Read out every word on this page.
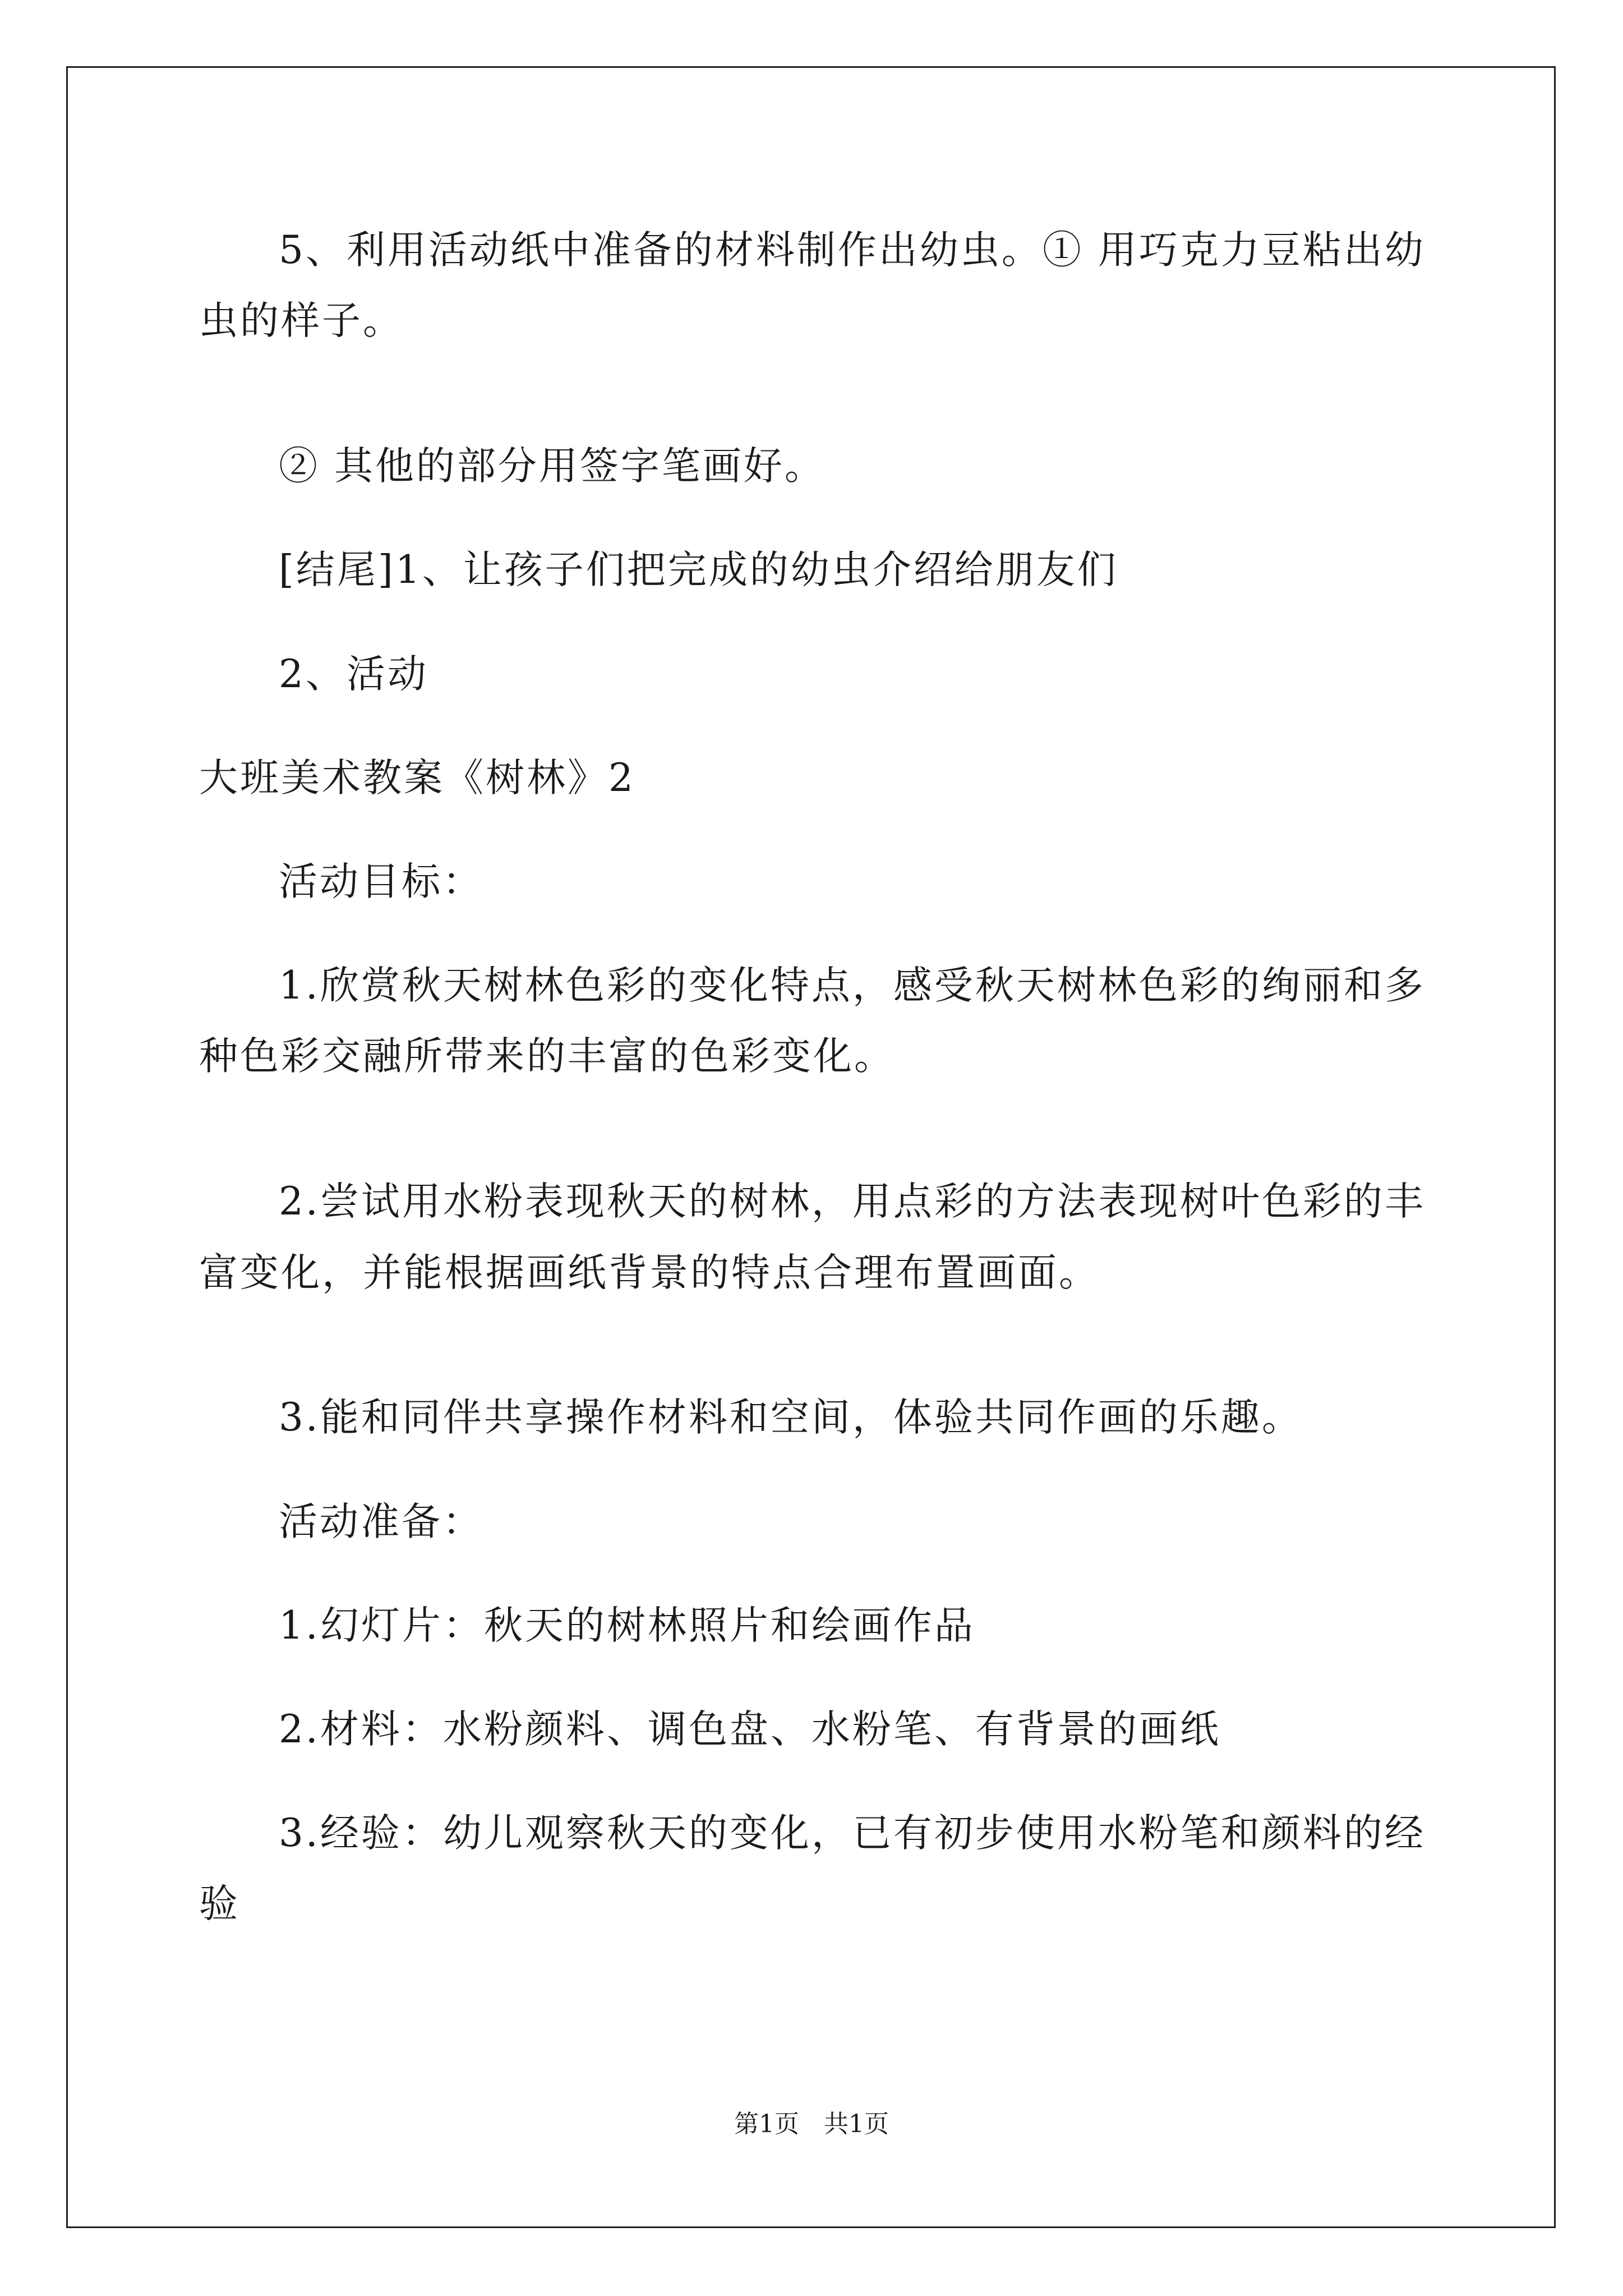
5、利用活动纸中准备的材料制作出幼虫。① 用巧克力豆粘出幼

虫的样子。

② 其他的部分用签字笔画好。

[结尾]1、让孩子们把完成的幼虫介绍给朋友们

2、活动

大班美术教案《树林》2

活动目标：

1.欣赏秋天树林色彩的变化特点，感受秋天树林色彩的绚丽和多

种色彩交融所带来的丰富的色彩变化。

2.尝试用水粉表现秋天的树林，用点彩的方法表现树叶色彩的丰

富变化，并能根据画纸背景的特点合理布置画面。

3.能和同伴共享操作材料和空间，体验共同作画的乐趣。

活动准备：

1.幻灯片：秋天的树林照片和绘画作品

2.材料：水粉颜料、调色盘、水粉笔、有背景的画纸

3.经验：幼儿观察秋天的变化，已有初步使用水粉笔和颜料的经

验

第1页　共1页
